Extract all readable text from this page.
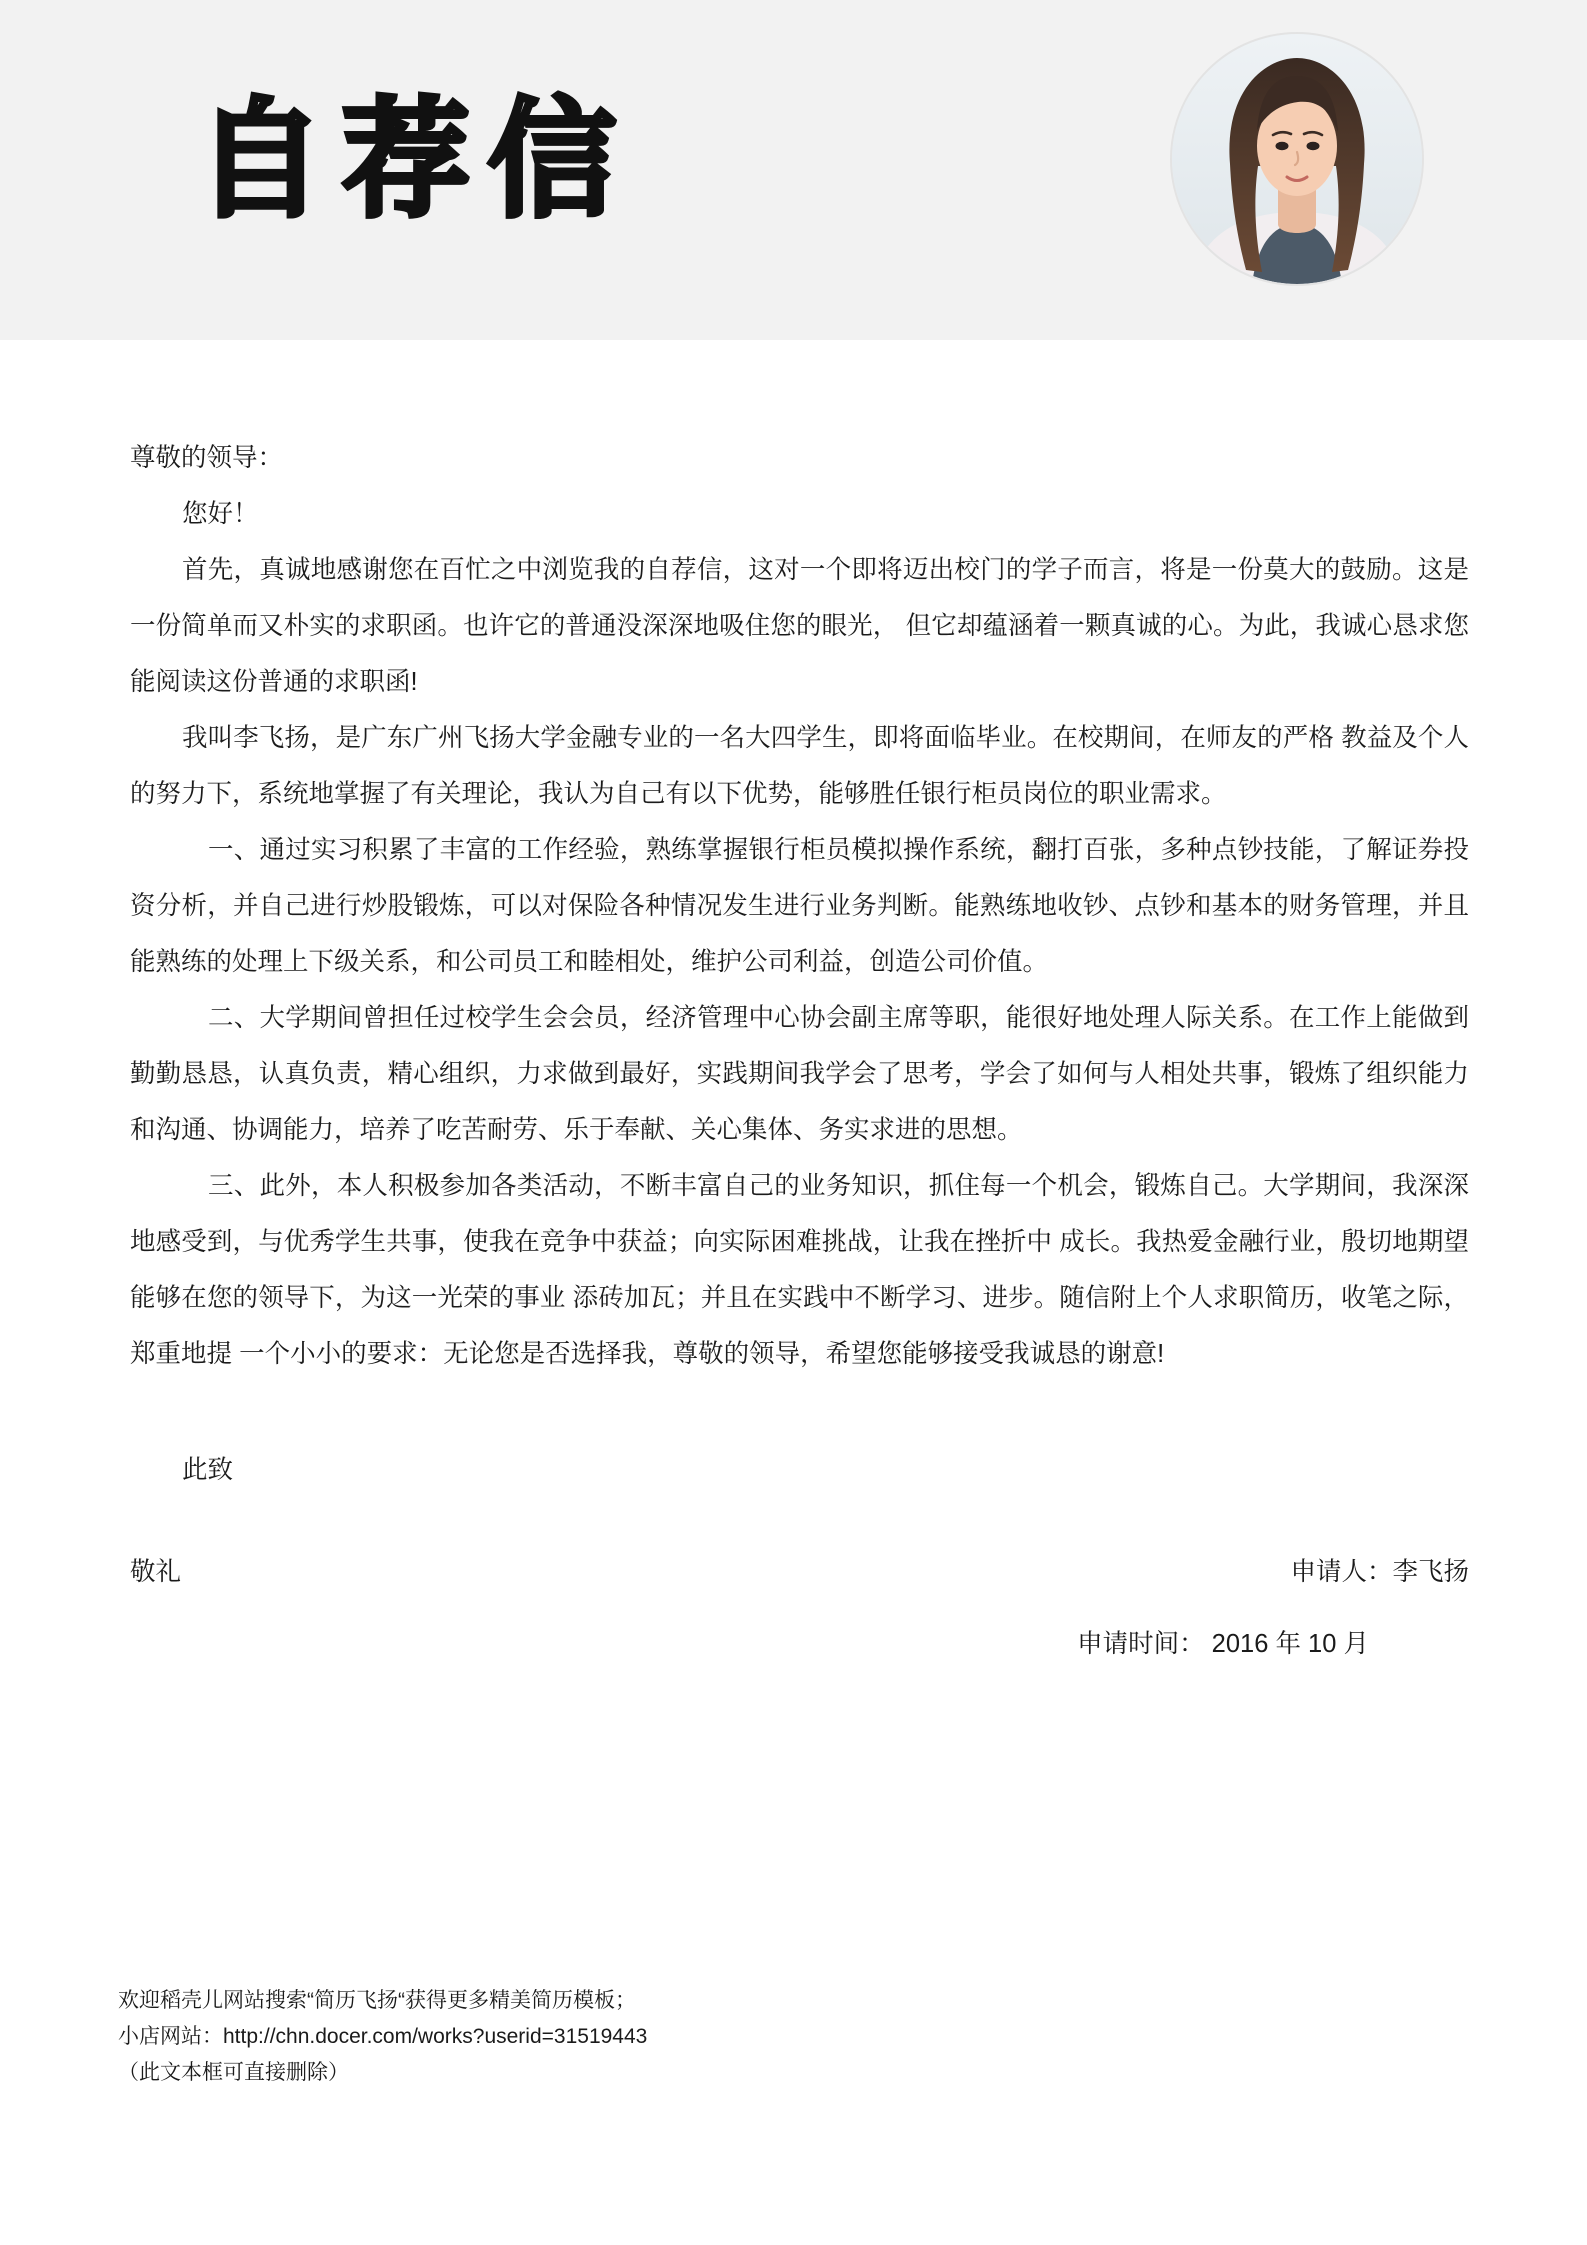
自荐信

尊敬的领导：

您好！

首先，真诚地感谢您在百忙之中浏览我的自荐信，这对一个即将迈出校门的学子而言，将是一份莫大的鼓励。这是一份简单而又朴实的求职函。也许它的普通没深深地吸住您的眼光， 但它却蕴涵着一颗真诚的心。为此，我诚心恳求您能阅读这份普通的求职函!

我叫李飞扬，是广东广州飞扬大学金融专业的一名大四学生，即将面临毕业。在校期间，在师友的严格 教益及个人的努力下，系统地掌握了有关理论，我认为自己有以下优势，能够胜任银行柜员岗位的职业需求。

一、通过实习积累了丰富的工作经验，熟练掌握银行柜员模拟操作系统，翻打百张，多种点钞技能，了解证券投资分析，并自己进行炒股锻炼，可以对保险各种情况发生进行业务判断。能熟练地收钞、点钞和基本的财务管理，并且能熟练的处理上下级关系，和公司员工和睦相处，维护公司利益，创造公司价值。

二、大学期间曾担任过校学生会会员，经济管理中心协会副主席等职，能很好地处理人际关系。在工作上能做到勤勤恳恳，认真负责，精心组织，力求做到最好，实践期间我学会了思考，学会了如何与人相处共事，锻炼了组织能力和沟通、协调能力，培养了吃苦耐劳、乐于奉献、关心集体、务实求进的思想。

三、此外，本人积极参加各类活动，不断丰富自己的业务知识，抓住每一个机会，锻炼自己。大学期间，我深深地感受到，与优秀学生共事，使我在竞争中获益；向实际困难挑战，让我在挫折中 成长。我热爱金融行业，殷切地期望能够在您的领导下，为这一光荣的事业 添砖加瓦；并且在实践中不断学习、进步。随信附上个人求职简历，收笔之际，郑重地提 一个小小的要求：无论您是否选择我，尊敬的领导，希望您能够接受我诚恳的谢意!

此致

敬礼	申请人：李飞扬
申请时间： 2016 年 10 月
欢迎稻壳儿网站搜索“简历飞扬“获得更多精美简历模板；
小店网站：http://chn.docer.com/works?userid=31519443
（此文本框可直接删除）
